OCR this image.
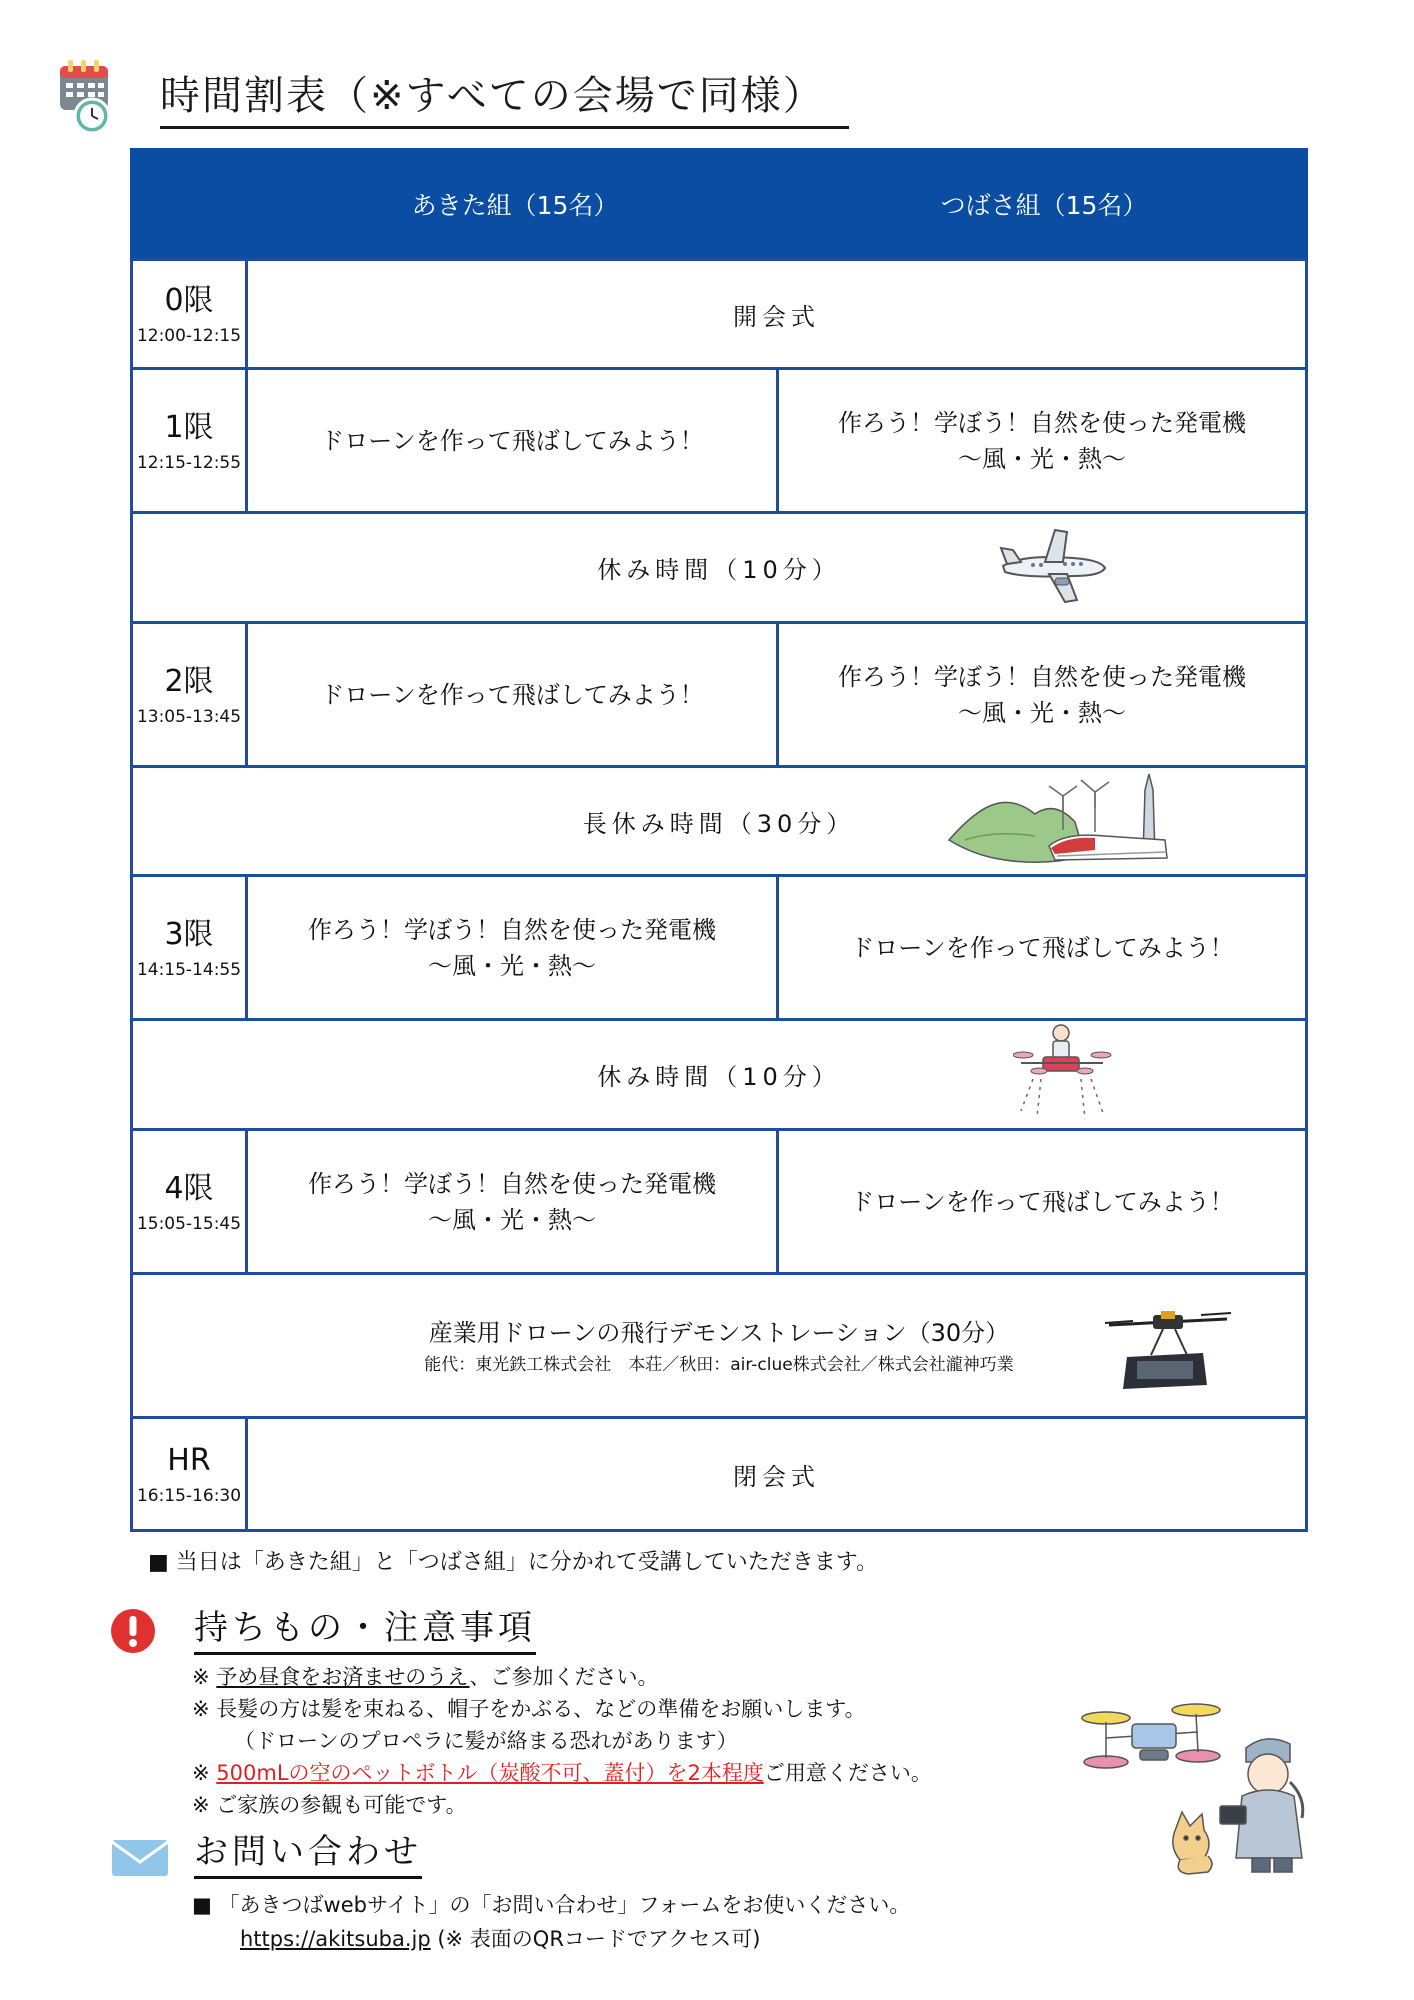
時間割表（※すべての会場で同様）
あきた組（15名）	つばさ組（15名）
0限
12:00-12:15
開会式
1限
12:15-12:55
ドローンを作って飛ばしてみよう！
作ろう！学ぼう！自然を使った発電機
〜風・光・熱〜
休み時間（10分）
2限
13:05-13:45
ドローンを作って飛ばしてみよう！
作ろう！学ぼう！自然を使った発電機
〜風・光・熱〜
長休み時間（30分）
3限
14:15-14:55
作ろう！学ぼう！自然を使った発電機
〜風・光・熱〜
ドローンを作って飛ばしてみよう！
休み時間（10分）
4限
15:05-15:45
作ろう！学ぼう！自然を使った発電機
〜風・光・熱〜
ドローンを作って飛ばしてみよう！
産業用ドローンの飛行デモンストレーション（30分）
能代：東光鉄工株式会社　本荘／秋田：air-clue株式会社／株式会社瀧神巧業
HR
16:15-16:30
閉会式
■ 当日は「あきた組」と「つばさ組」に分かれて受講していただきます。
持ちもの・注意事項
※ 予め昼食をお済ませのうえ、ご参加ください。
※ 長髪の方は髪を束ねる、帽子をかぶる、などの準備をお願いします。
（ドローンのプロペラに髪が絡まる恐れがあります）
※ 500mLの空のペットボトル（炭酸不可、蓋付）を2本程度ご用意ください。
※ ご家族の参観も可能です。
お問い合わせ
■ 「あきつばwebサイト」の「お問い合わせ」フォームをお使いください。
https://akitsuba.jp (※ 表面のQRコードでアクセス可)
